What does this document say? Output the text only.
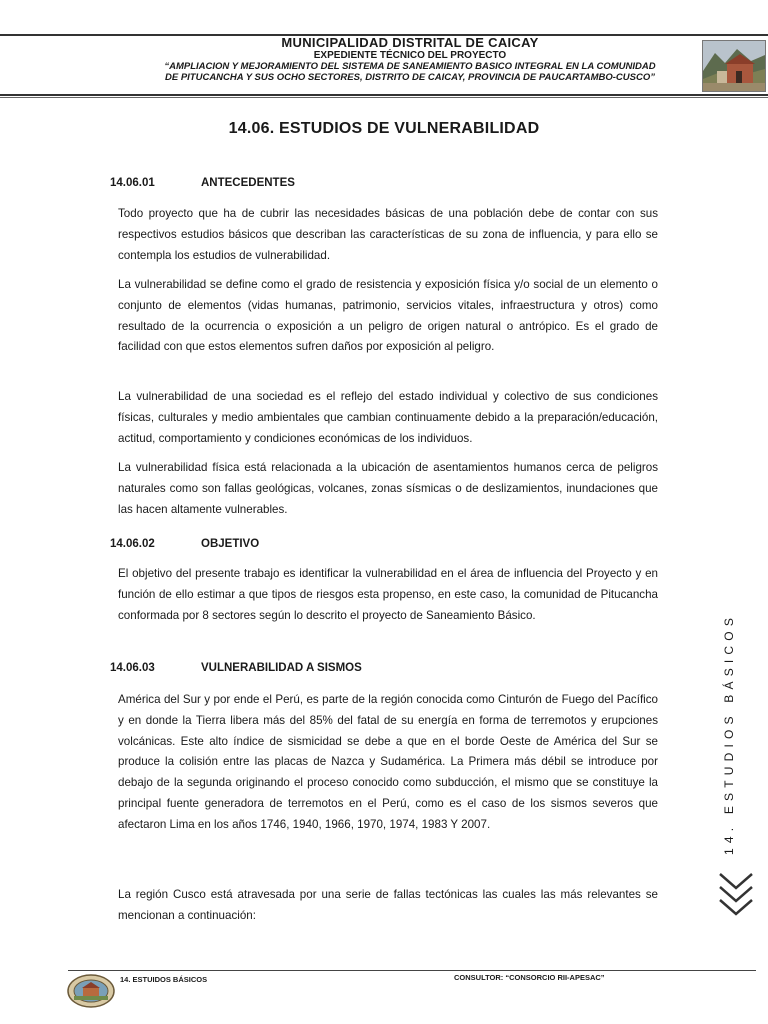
MUNICIPALIDAD DISTRITAL DE CAICAY
EXPEDIENTE TÉCNICO DEL PROYECTO
“AMPLIACION Y MEJORAMIENTO DEL SISTEMA DE SANEAMIENTO BASICO INTEGRAL EN LA COMUNIDAD
DE PITUCANCHA Y SUS OCHO SECTORES, DISTRITO DE CAICAY, PROVINCIA DE PAUCARTAMBO-CUSCO”
14.06. ESTUDIOS DE VULNERABILIDAD
14.06.01	ANTECEDENTES
Todo proyecto que ha de cubrir las necesidades básicas de una población debe de contar con sus respectivos estudios básicos que describan las características de su zona de influencia, y para ello se contempla los estudios de vulnerabilidad.
La vulnerabilidad se define como el grado de resistencia y exposición física y/o social de un elemento o conjunto de elementos (vidas humanas, patrimonio, servicios vitales, infraestructura y otros) como resultado de la ocurrencia o exposición a un peligro de origen natural o antrópico. Es el grado de facilidad con que estos elementos sufren daños por exposición al peligro.
La vulnerabilidad de una sociedad es el reflejo del estado individual y colectivo de sus condiciones físicas, culturales y medio ambientales que cambian continuamente debido a la preparación/educación, actitud, comportamiento y condiciones económicas de los individuos.
La vulnerabilidad física está relacionada a la ubicación de asentamientos humanos cerca de peligros naturales como son fallas geológicas, volcanes, zonas sísmicas o de deslizamientos, inundaciones que las hacen altamente vulnerables.
14.06.02	OBJETIVO
El objetivo del presente trabajo es identificar la vulnerabilidad en el área de influencia del Proyecto y en función de ello estimar a que tipos de riesgos esta propenso, en este caso, la comunidad de Pitucancha conformada por 8 sectores según lo descrito el proyecto de Saneamiento Básico.
14.06.03	VULNERABILIDAD A SISMOS
América del Sur y por ende el Perú, es parte de la región conocida como Cinturón de Fuego del Pacífico y en donde la Tierra libera más del 85% del fatal de su energía en forma de terremotos y erupciones volcánicas. Este alto índice de sismicidad se debe a que en el borde Oeste de América del Sur se produce la colisión entre las placas de Nazca y Sudamérica. La Primera más débil se introduce por debajo de la segunda originando el proceso conocido como subducción, el mismo que se constituye la principal fuente generadora de terremotos en el Perú, como es el caso de los sismos severos que afectaron Lima en los años 1746, 1940, 1966, 1970, 1974, 1983 Y 2007.
La región Cusco está atravesada por una serie de fallas tectónicas las cuales las más relevantes se mencionan a continuación:
14. ESTUDIOS BÁSICOS
14. ESTUIDOS BÁSICOS	CONSULTOR: “CONSORCIO RII-APESAC”
